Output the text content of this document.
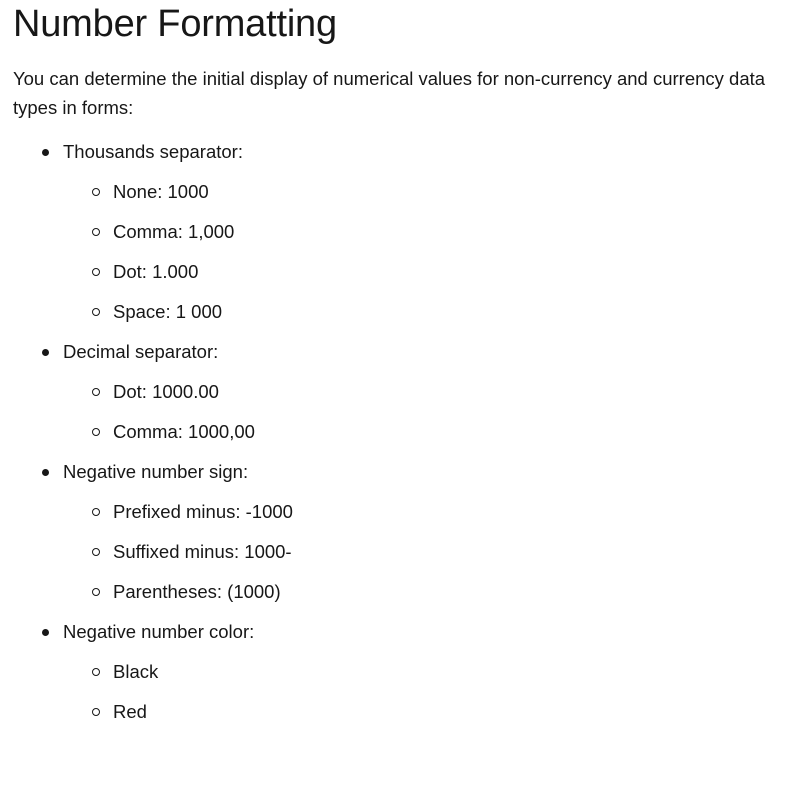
Number Formatting

You can determine the initial display of numerical values for non-currency and currency data types in forms:

Thousands separator:
None: 1000
Comma: 1,000
Dot: 1.000
Space: 1 000
Decimal separator:
Dot: 1000.00
Comma: 1000,00
Negative number sign:
Prefixed minus: -1000
Suffixed minus: 1000-
Parentheses: (1000)
Negative number color:
Black
Red
